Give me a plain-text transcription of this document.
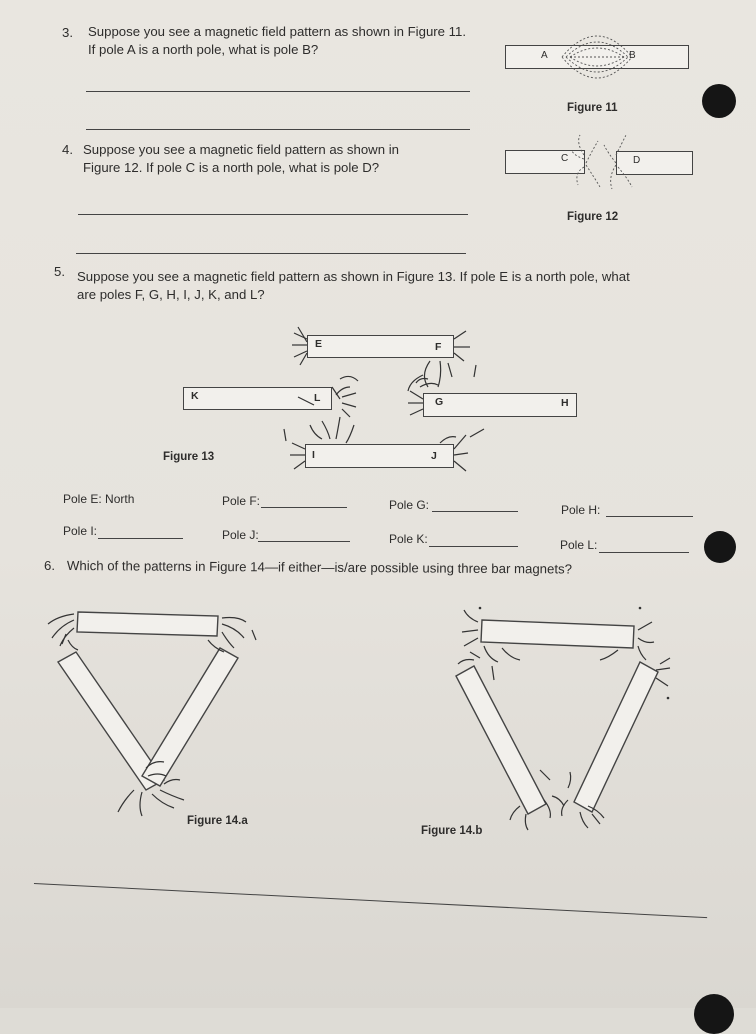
3. Suppose you see a magnetic field pattern as shown in Figure 11.
If pole A is a north pole, what is pole B?	A	B
Figure 11
4. Suppose you see a magnetic field pattern as shown in
Figure 12. If pole C is a north pole, what is pole D?
C	D
Figure 12
5. Suppose you see a magnetic field pattern as shown in Figure 13. If pole E is a north pole, what
are poles F, G, H, I, J, K, and L?
E	F
K	L	G	H
I	J
Figure 13
Pole E: North	Pole F:	Pole G:	Pole H:
Pole I:	Pole J:	Pole K:	Pole L:
6. Which of the patterns in Figure 14—if either—is/are possible using three bar magnets?
Figure 14.a
Figure 14.b
